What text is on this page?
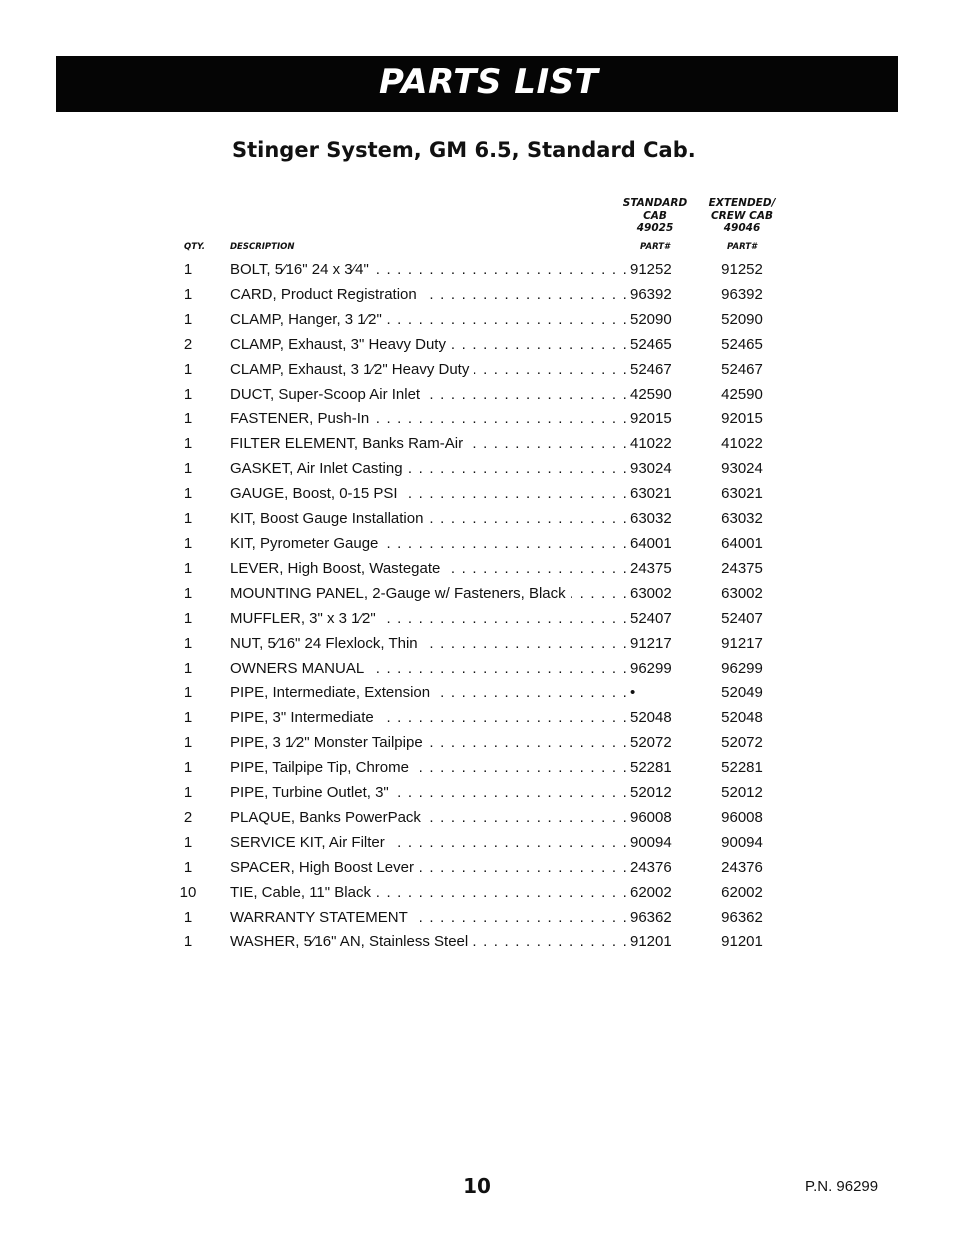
PARTS LIST
Stinger System, GM 6.5, Standard Cab.
STANDARD
CAB
49025
EXTENDED/
CREW CAB
49046
QTY.	DESCRIPTION	PART#	PART#
1	BOLT, 5⁄16" 24 x 3⁄4" . . .	91252	91252
1	CARD, Product Registration . . .	96392	96392
1	CLAMP, Hanger, 3 1⁄2" . . .	52090	52090
2	CLAMP, Exhaust, 3" Heavy Duty . . .	52465	52465
1	CLAMP, Exhaust, 3 1⁄2" Heavy Duty . . .	52467	52467
1	DUCT, Super-Scoop Air Inlet . . .	42590	42590
1	FASTENER, Push-In . . .	92015	92015
1	FILTER ELEMENT, Banks Ram-Air . . .	41022	41022
1	GASKET, Air Inlet Casting . . .	93024	93024
1	GAUGE, Boost, 0-15 PSI . . .	63021	63021
1	KIT, Boost Gauge Installation . . .	63032	63032
1	KIT, Pyrometer Gauge . . .	64001	64001
1	LEVER, High Boost, Wastegate . . .	24375	24375
1	MOUNTING PANEL, 2-Gauge w/ Fasteners, Black . . .	63002	63002
1	MUFFLER, 3" x 3 1⁄2" . . .	52407	52407
1	NUT, 5⁄16" 24 Flexlock, Thin . . .	91217	91217
1	OWNERS MANUAL . . .	96299	96299
1	PIPE, Intermediate, Extension . . .	•	52049
1	PIPE, 3" Intermediate . . .	52048	52048
1	PIPE, 3 1⁄2" Monster Tailpipe . . .	52072	52072
1	PIPE, Tailpipe Tip, Chrome . . .	52281	52281
1	PIPE, Turbine Outlet, 3" . . .	52012	52012
2	PLAQUE, Banks PowerPack . . .	96008	96008
1	SERVICE KIT, Air Filter . . .	90094	90094
1	SPACER, High Boost Lever . . .	24376	24376
10	TIE, Cable, 11" Black . . .	62002	62002
1	WARRANTY STATEMENT . . .	96362	96362
1	WASHER, 5⁄16" AN, Stainless Steel . . .	91201	91201
10	P.N. 96299
